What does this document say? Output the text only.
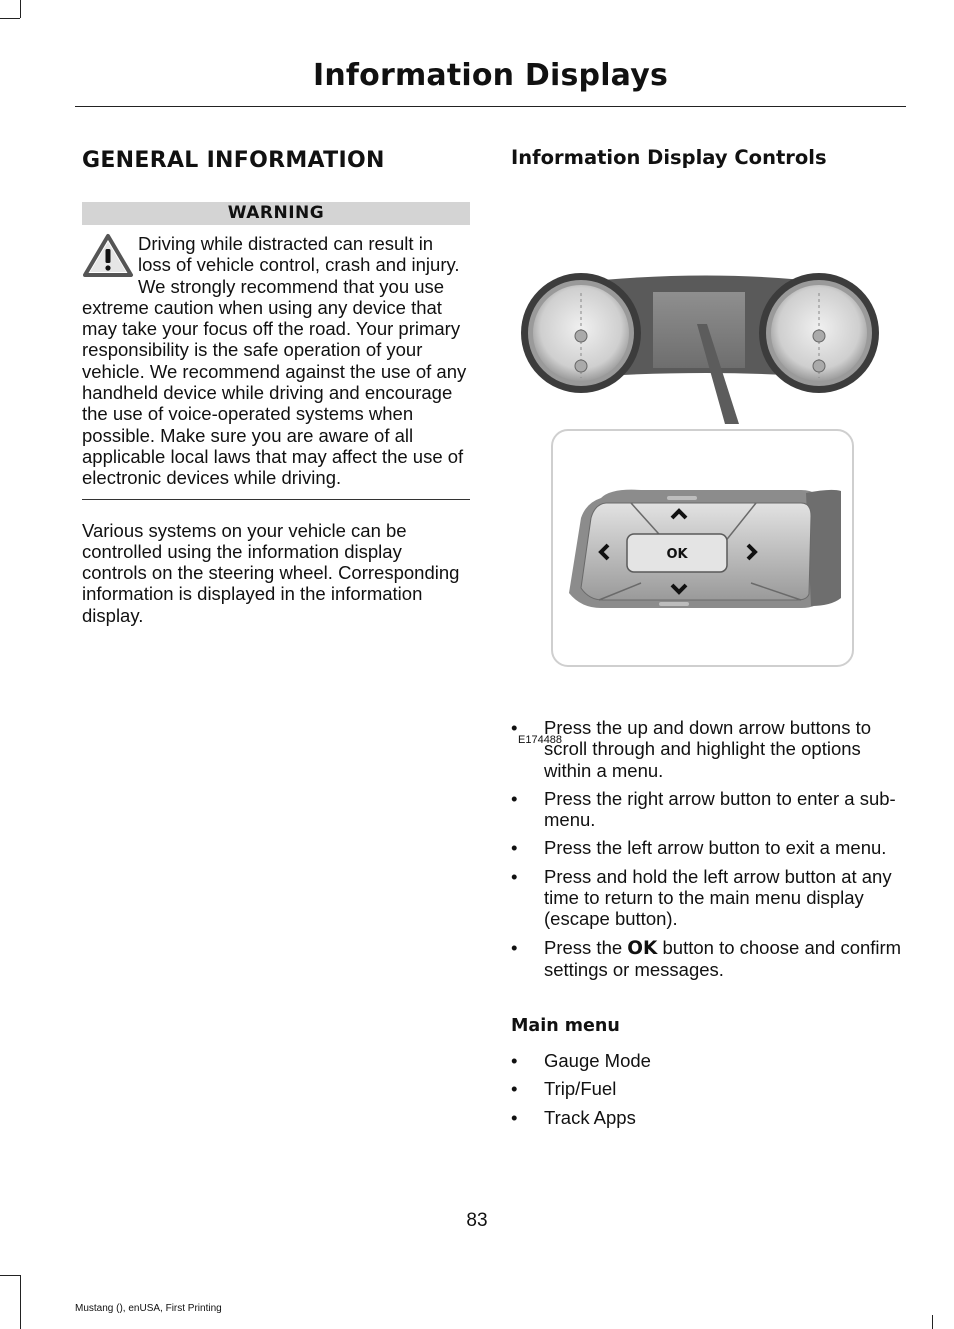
Information Displays
GENERAL INFORMATION
WARNING
Driving while distracted can result in loss of vehicle control, crash and injury. We strongly recommend that you use extreme caution when using any device that may take your focus off the road. Your primary responsibility is the safe operation of your vehicle. We recommend against the use of any handheld device while driving and encourage the use of voice-operated systems when possible. Make sure you are aware of all applicable local laws that may affect the use of electronic devices while driving.

Various systems on your vehicle can be controlled using the information display controls on the steering wheel. Corresponding information is displayed in the information display.

Information Display Controls
OK
E174488
• Press the up and down arrow buttons to scroll through and highlight the options within a menu.
• Press the right arrow button to enter a sub-menu.
• Press the left arrow button to exit a menu.
• Press and hold the left arrow button at any time to return to the main menu display (escape button).
• Press the OK button to choose and confirm settings or messages.
Main menu
• Gauge Mode
• Trip/Fuel
• Track Apps
83
Mustang (), enUSA, First Printing
